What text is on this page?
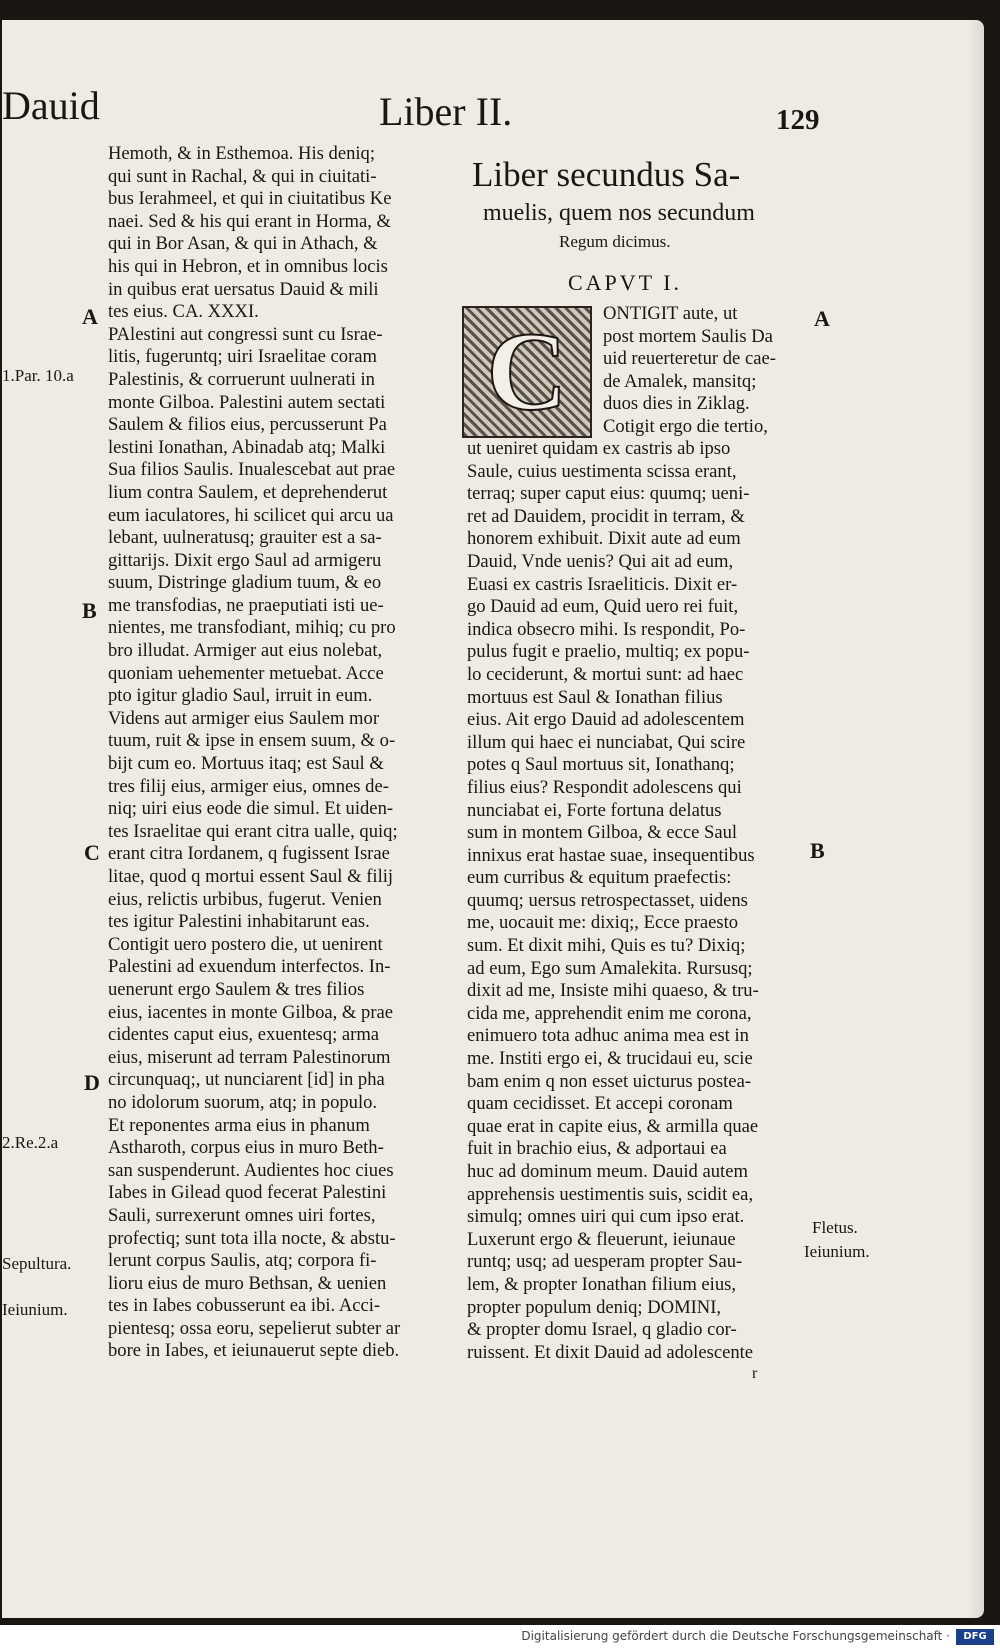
Dauid	Liber II.	129
Hemoth, & in Esthemoa. His deniq;
qui sunt in Rachal, & qui in ciuitati-
bus Ierahmeel, et qui in ciuitatibus Ke
naei. Sed & his qui erant in Horma, &
qui in Bor Asan, & qui in Athach, &
his qui in Hebron, et in omnibus locis
in quibus erat uersatus Dauid & mili
tes eius. CA. XXXI.
PAlestini aut congressi sunt cu Israe-
litis, fugeruntq; uiri Israelitae coram
Palestinis, & corruerunt uulnerati in
monte Gilboa. Palestini autem sectati
Saulem & filios eius, percusserunt Pa
lestini Ionathan, Abinadab atq; Malki
Sua filios Saulis. Inualescebat aut prae
lium contra Saulem, et deprehenderut
eum iaculatores, hi scilicet qui arcu ua
lebant, uulneratusq; grauiter est a sa-
gittarijs. Dixit ergo Saul ad armigeru
suum, Distringe gladium tuum, & eo
me transfodias, ne praeputiati isti ue-
nientes, me transfodiant, mihiq; cu pro
bro illudat. Armiger aut eius nolebat,
quoniam uehementer metuebat. Acce
pto igitur gladio Saul, irruit in eum.
Videns aut armiger eius Saulem mor
tuum, ruit & ipse in ensem suum, & o-
bijt cum eo. Mortuus itaq; est Saul &
tres filij eius, armiger eius, omnes de-
niq; uiri eius eode die simul. Et uiden-
tes Israelitae qui erant citra ualle, quiq;
erant citra Iordanem, q fugissent Israe
litae, quod q mortui essent Saul & filij
eius, relictis urbibus, fugerut. Venien
tes igitur Palestini inhabitarunt eas.
Contigit uero postero die, ut uenirent
Palestini ad exuendum interfectos. In-
uenerunt ergo Saulem & tres filios
eius, iacentes in monte Gilboa, & prae
cidentes caput eius, exuentesq; arma
eius, miserunt ad terram Palestinorum
circunquaq;, ut nunciarent [id] in pha
no idolorum suorum, atq; in populo.
Et reponentes arma eius in phanum
Astharoth, corpus eius in muro Beth-
san suspenderunt. Audientes hoc ciues
Iabes in Gilead quod fecerat Palestini
Sauli, surrexerunt omnes uiri fortes,
profectiq; sunt tota illa nocte, & abstu-
lerunt corpus Saulis, atq; corpora fi-
lioru eius de muro Bethsan, & uenien
tes in Iabes cobusserunt ea ibi. Acci-
pientesq; ossa eoru, sepelierut subter ar
bore in Iabes, et ieiunauerut septe dieb.
Liber secundus Sa-
muelis, quem nos secundum
Regum dicimus.
CAPVT I.
C	ONTIGIT aute, ut
post mortem Saulis Da
uid reuerteretur de cae-
de Amalek, mansitq;
duos dies in Ziklag.
Cotigit ergo die tertio,
ut ueniret quidam ex castris ab ipso
Saule, cuius uestimenta scissa erant,
terraq; super caput eius: quumq; ueni-
ret ad Dauidem, procidit in terram, &
honorem exhibuit. Dixit aute ad eum
Dauid, Vnde uenis? Qui ait ad eum,
Euasi ex castris Israeliticis. Dixit er-
go Dauid ad eum, Quid uero rei fuit,
indica obsecro mihi. Is respondit, Po-
pulus fugit e praelio, multiq; ex popu-
lo ceciderunt, & mortui sunt: ad haec
mortuus est Saul & Ionathan filius
eius. Ait ergo Dauid ad adolescentem
illum qui haec ei nunciabat, Qui scire
potes q Saul mortuus sit, Ionathanq;
filius eius? Respondit adolescens qui
nunciabat ei, Forte fortuna delatus
sum in montem Gilboa, & ecce Saul
innixus erat hastae suae, insequentibus
eum curribus & equitum praefectis:
quumq; uersus retrospectasset, uidens
me, uocauit me: dixiq;, Ecce praesto
sum. Et dixit mihi, Quis es tu? Dixiq;
ad eum, Ego sum Amalekita. Rursusq;
dixit ad me, Insiste mihi quaeso, & tru-
cida me, apprehendit enim me corona,
enimuero tota adhuc anima mea est in
me. Institi ergo ei, & trucidaui eu, scie
bam enim q non esset uicturus postea-
quam cecidisset. Et accepi coronam
quae erat in capite eius, & armilla quae
fuit in brachio eius, & adportaui ea
huc ad dominum meum. Dauid autem
apprehensis uestimentis suis, scidit ea,
simulq; omnes uiri qui cum ipso erat.
Luxerunt ergo & fleuerunt, ieiunaue
runtq; usq; ad uesperam propter Sau-
lem, & propter Ionathan filium eius,
propter populum deniq; DOMINI,
& propter domu Israel, q gladio cor-
ruissent. Et dixit Dauid ad adolescente
A
B
C
D
A
B
1.Par. 10.a
2.Re.2.a
Sepultura.
Ieiunium.
Fletus.
Ieiunium.
r
Digitalisierung gefördert durch die Deutsche Forschungsgemeinschaft ·	DFG
